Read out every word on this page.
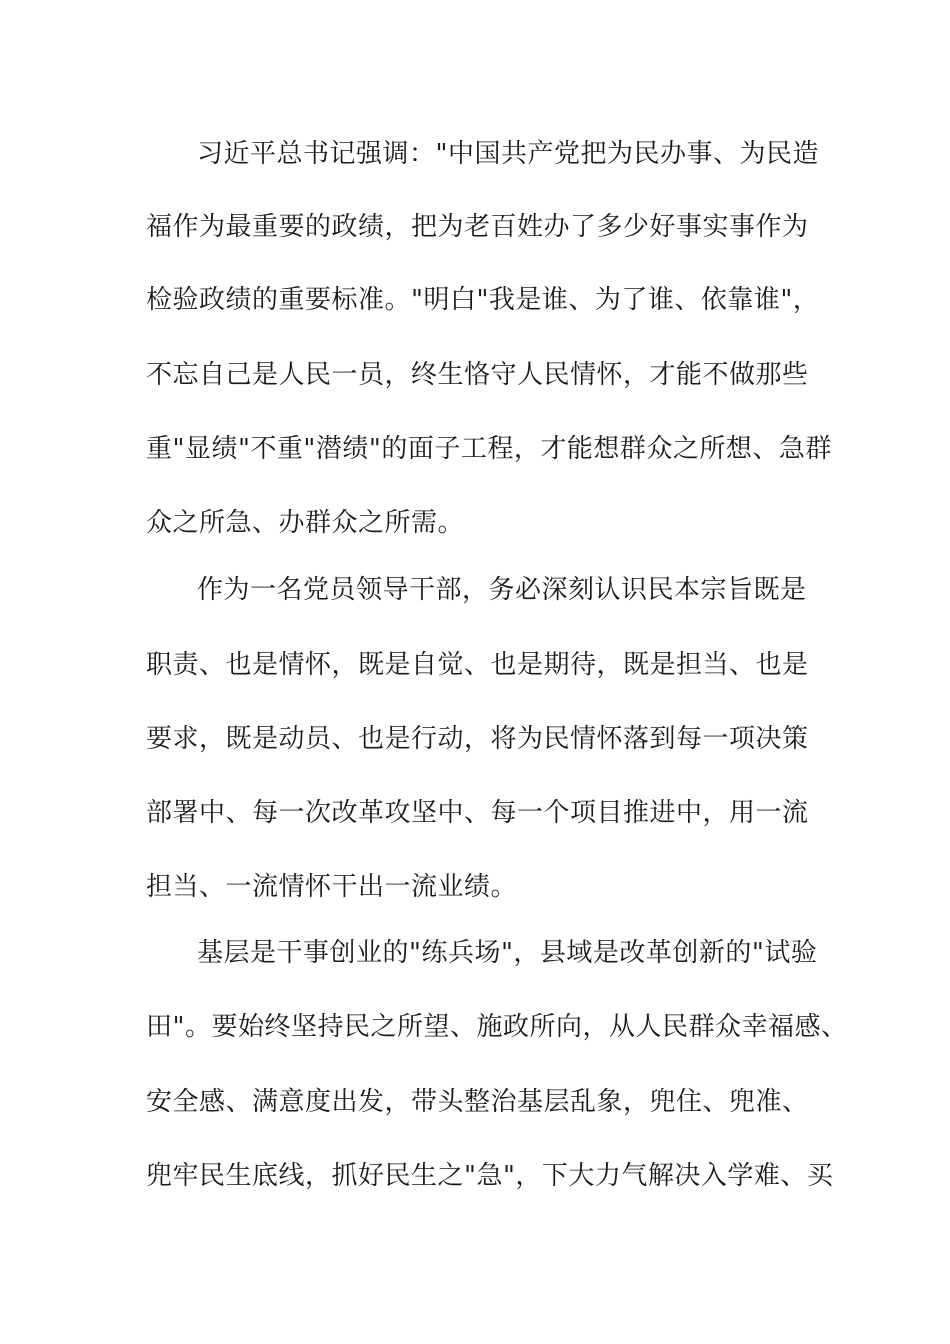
习近平总书记强调："中国共产党把为民办事、为民造
福作为最重要的政绩，把为老百姓办了多少好事实事作为
检验政绩的重要标准。"明白"我是谁、为了谁、依靠谁"，
不忘自己是人民一员，终生恪守人民情怀，才能不做那些
重"显绩"不重"潜绩"的面子工程，才能想群众之所想、急群
众之所急、办群众之所需。
作为一名党员领导干部，务必深刻认识民本宗旨既是
职责、也是情怀，既是自觉、也是期待，既是担当、也是
要求，既是动员、也是行动，将为民情怀落到每一项决策
部署中、每一次改革攻坚中、每一个项目推进中，用一流
担当、一流情怀干出一流业绩。
基层是干事创业的"练兵场"，县域是改革创新的"试验
田"。要始终坚持民之所望、施政所向，从人民群众幸福感、
安全感、满意度出发，带头整治基层乱象，兜住、兜准、
兜牢民生底线，抓好民生之"急"，下大力气解决入学难、买
